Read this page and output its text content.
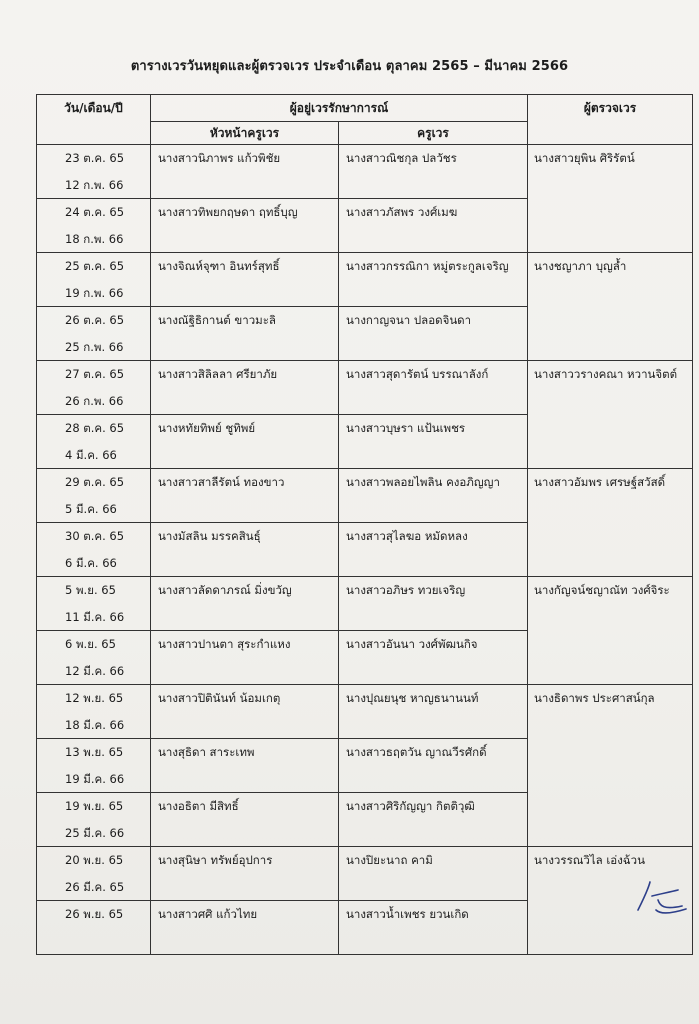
ตารางเวรวันหยุดและผู้ตรวจเวร ประจำเดือน ตุลาคม 2565 – มีนาคม 2566
วัน/เดือน/ปี	ผู้อยู่เวรรักษาการณ์		ผู้ตรวจเวร
	หัวหน้าครูเวร	ครูเวร	

23 ต.ค. 65
12 ก.พ. 66	นางสาวนิภาพร แก้วพิชัย	นางสาวณิชกุล ปลวัชร	นางสาวยุพิน ศิริรัตน์

24 ต.ค. 65
18 ก.พ. 66	นางสาวทิพยกฤษดา ฤทธิ์บุญ	นางสาวภัสพร วงศ์เมฆ	

25 ต.ค. 65
19 ก.พ. 66	นางจิณห์จุฑา อินทร์สุทธิ์	นางสาวกรรณิกา หมู่ตระกูลเจริญ	นางชญาภา บุญล้ำ

26 ต.ค. 65
25 ก.พ. 66	นางณัฐิธิกานต์ ขาวมะลิ	นางกาญจนา ปลอดจินดา	

27 ต.ค. 65
26 ก.พ. 66	นางสาวสิลิลลา ศรียาภัย	นางสาวสุดารัตน์ บรรณาลังก์	นางสาววรางคณา หวานจิตต์

28 ต.ค. 65
4 มี.ค. 66	นางหทัยทิพย์ ชูทิพย์	นางสาวบุษรา แป้นเพชร	

29 ต.ค. 65
5 มี.ค. 66	นางสาวสาลีรัตน์ ทองขาว	นางสาวพลอยไพลิน คงอภิญญา	นางสาวอัมพร เศรษฐ์สวัสดิ์

30 ต.ค. 65
6 มี.ค. 66	นางมัสลิน มรรคสินธุ์	นางสาวสุไลฆอ หมัดหลง	

5 พ.ย. 65
11 มี.ค. 66	นางสาวลัดดาภรณ์ มิ่งขวัญ	นางสาวอภิษร ทวยเจริญ	นางกัญจน์ชญาณัท วงศ์จิระ

6 พ.ย. 65
12 มี.ค. 66	นางสาวปานตา สุระกำแหง	นางสาวอันนา วงศ์พัฒนกิจ	

12 พ.ย. 65
18 มี.ค. 66	นางสาวปิตินันท์ น้อมเกตุ	นางปุณยนุช หาญธนานนท์	นางธิดาพร ประศาสน์กุล

13 พ.ย. 65
19 มี.ค. 66	นางสุธิดา สาระเทพ	นางสาวธฤตวัน ญาณวีรศักดิ์	

19 พ.ย. 65
25 มี.ค. 66	นางอธิตา มีสิทธิ์	นางสาวศิริกัญญา กิตติวุฒิ	

20 พ.ย. 65
26 มี.ค. 65	นางสุนิษา ทรัพย์อุปการ	นางปิยะนาถ คามิ	นางวรรณวิไล เอ่งฉ้วน

26 พ.ย. 65	นางสาวศศิ แก้วไทย	นางสาวน้ำเพชร ยวนเกิด	
